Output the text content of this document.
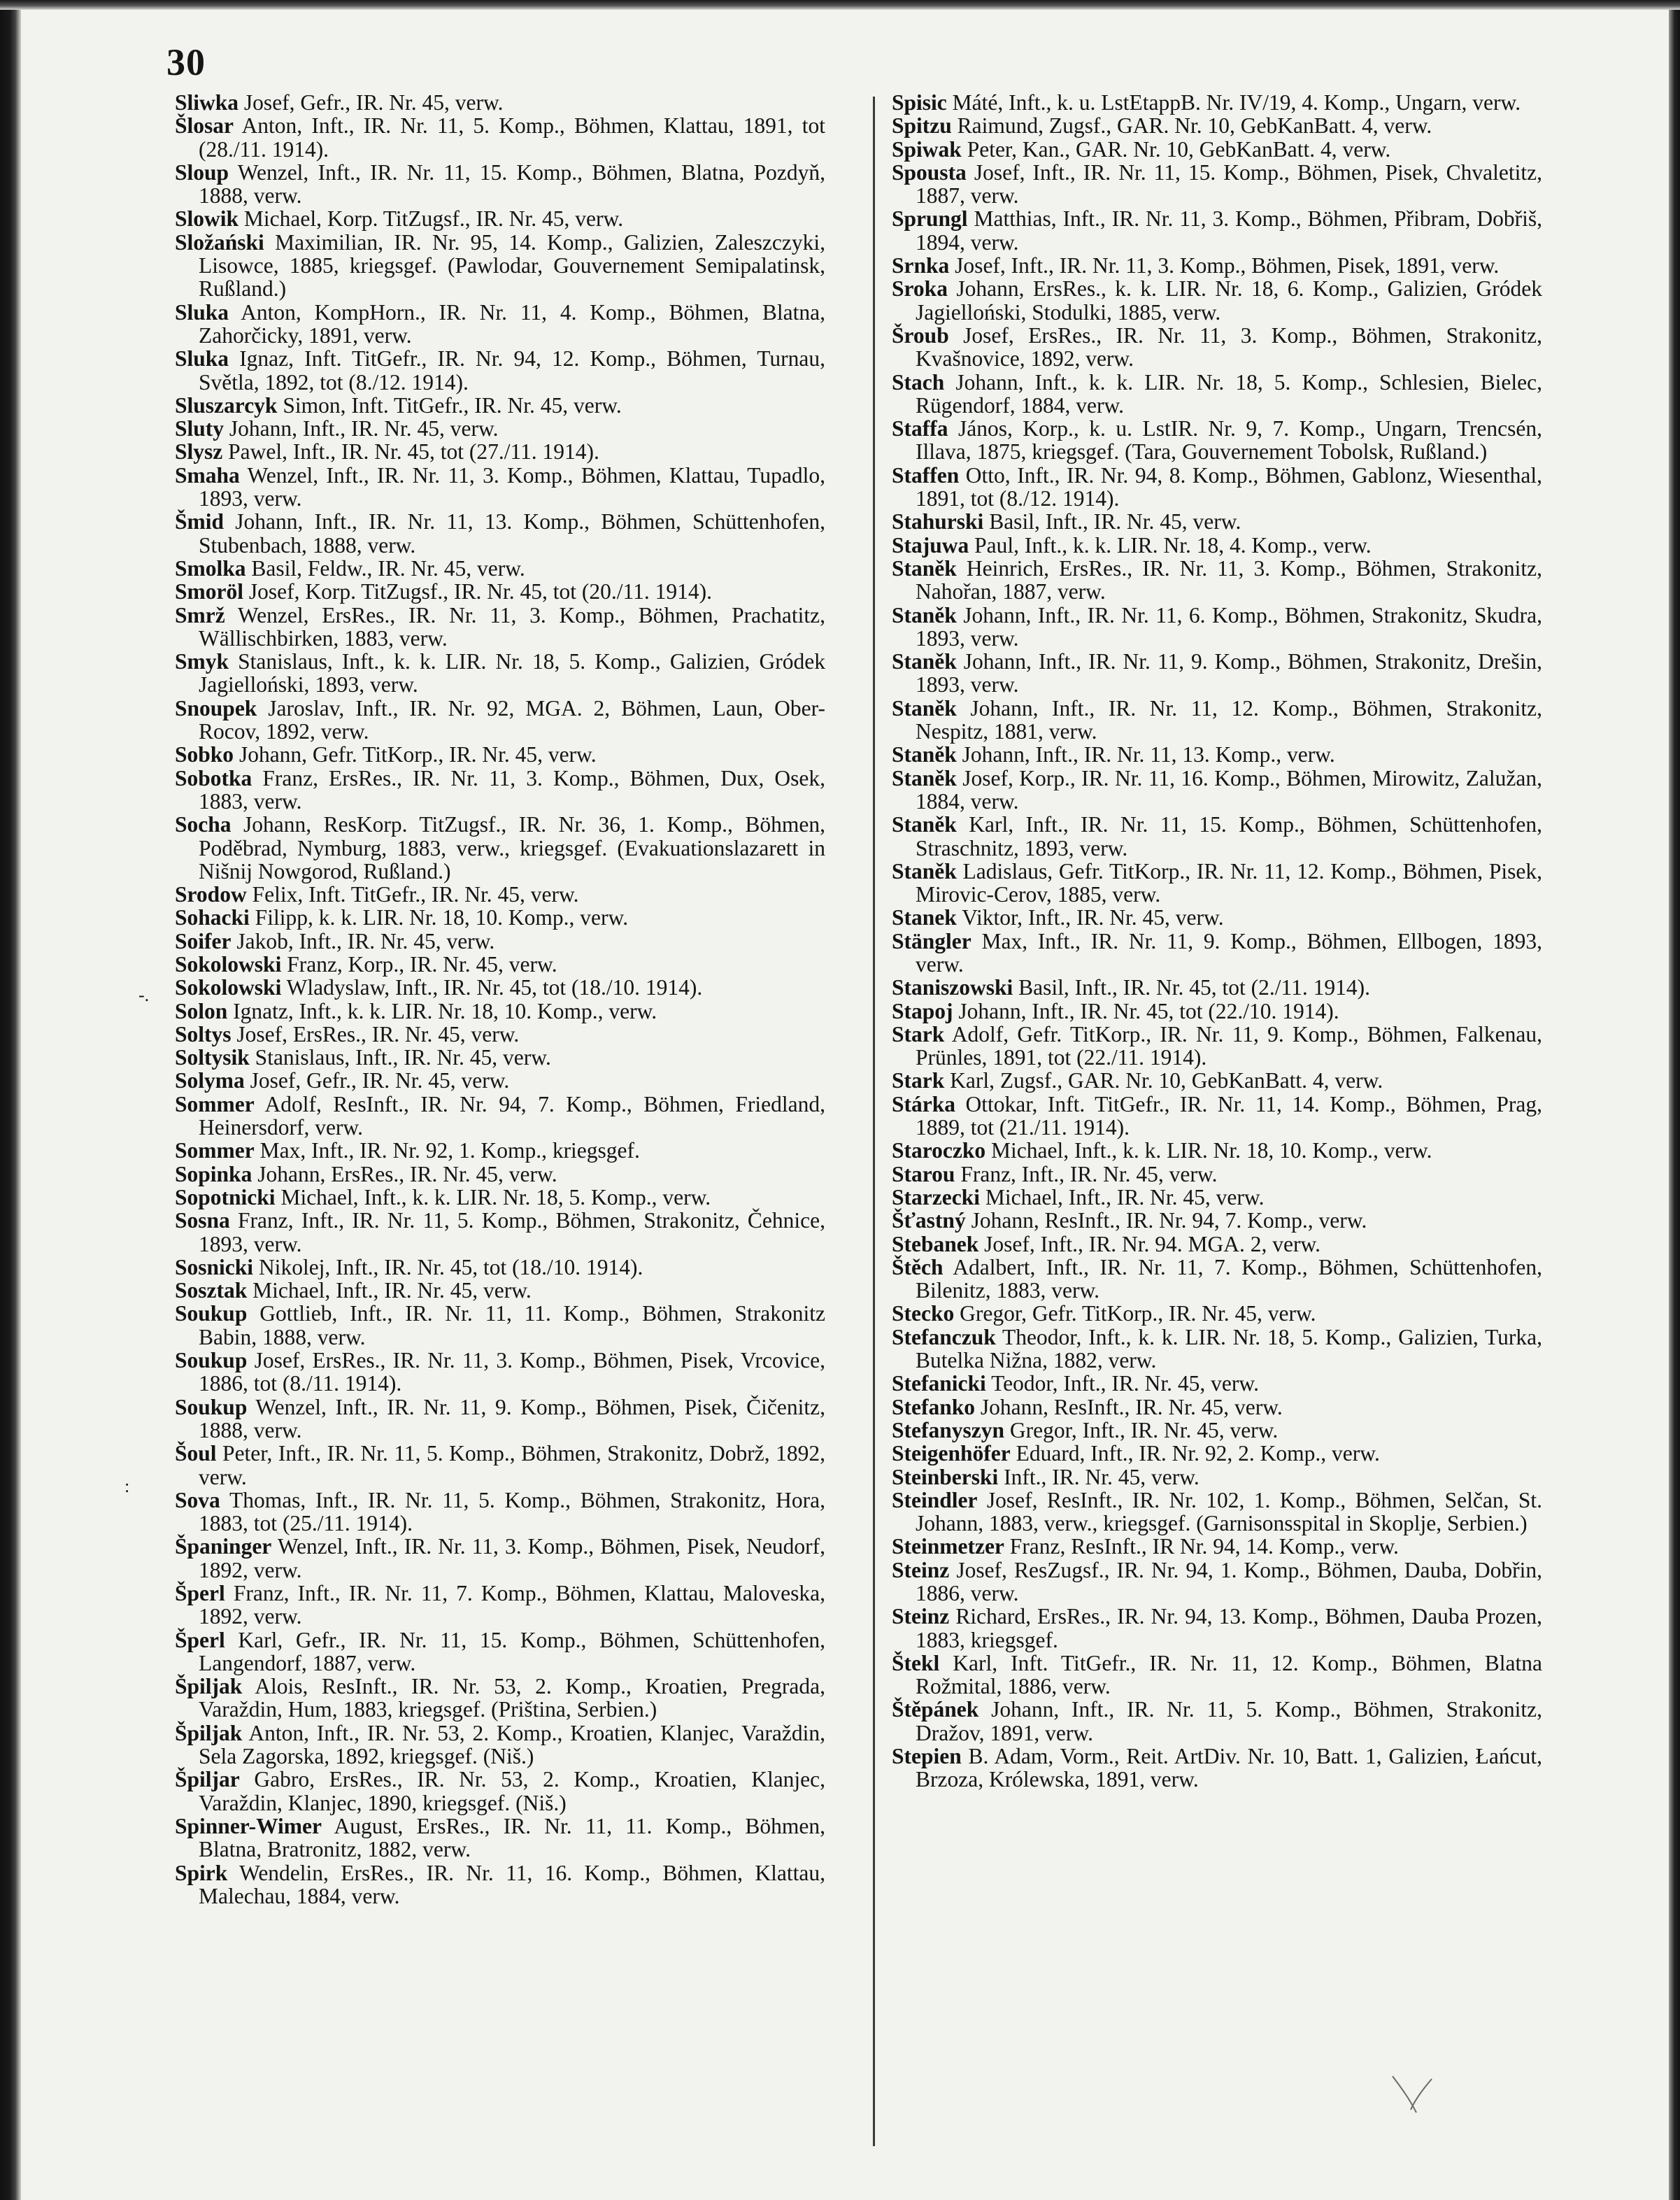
30

Sliwka Josef, Gefr., IR. Nr. 45, verw.

Šlosar Anton, Inft., IR. Nr. 11, 5. Komp., Böhmen, Klattau, 1891, tot (28./11. 1914).

Sloup Wenzel, Inft., IR. Nr. 11, 15. Komp., Böhmen, Blatna, Pozdyň, 1888, verw.

Slowik Michael, Korp. TitZugsf., IR. Nr. 45, verw.

Složański Maximilian, IR. Nr. 95, 14. Komp., Galizien, Zaleszczyki, Lisowce, 1885, kriegsgef. (Pawlodar, Gouvernement Semipalatinsk, Rußland.)

Sluka Anton, KompHorn., IR. Nr. 11, 4. Komp., Böhmen, Blatna, Zahorčicky, 1891, verw.

Sluka Ignaz, Inft. TitGefr., IR. Nr. 94, 12. Komp., Böhmen, Turnau, Světla, 1892, tot (8./12. 1914).

Sluszarcyk Simon, Inft. TitGefr., IR. Nr. 45, verw.

Sluty Johann, Inft., IR. Nr. 45, verw.

Slysz Pawel, Inft., IR. Nr. 45, tot (27./11. 1914).

Smaha Wenzel, Inft., IR. Nr. 11, 3. Komp., Böhmen, Klattau, Tupadlo, 1893, verw.

Šmid Johann, Inft., IR. Nr. 11, 13. Komp., Böhmen, Schüttenhofen, Stubenbach, 1888, verw.

Smolka Basil, Feldw., IR. Nr. 45, verw.

Smoröl Josef, Korp. TitZugsf., IR. Nr. 45, tot (20./11. 1914).

Smrž Wenzel, ErsRes., IR. Nr. 11, 3. Komp., Böhmen, Prachatitz, Wällischbirken, 1883, verw.

Smyk Stanislaus, Inft., k. k. LIR. Nr. 18, 5. Komp., Galizien, Gródek Jagielloński, 1893, verw.

Snoupek Jaroslav, Inft., IR. Nr. 92, MGA. 2, Böhmen, Laun, Ober-Rocov, 1892, verw.

Sobko Johann, Gefr. TitKorp., IR. Nr. 45, verw.

Sobotka Franz, ErsRes., IR. Nr. 11, 3. Komp., Böhmen, Dux, Osek, 1883, verw.

Socha Johann, ResKorp. TitZugsf., IR. Nr. 36, 1. Komp., Böhmen, Poděbrad, Nymburg, 1883, verw., kriegsgef. (Evakuationslazarett in Nišnij Nowgorod, Rußland.)

Srodow Felix, Inft. TitGefr., IR. Nr. 45, verw.

Sohacki Filipp, k. k. LIR. Nr. 18, 10. Komp., verw.

Soifer Jakob, Inft., IR. Nr. 45, verw.

Sokolowski Franz, Korp., IR. Nr. 45, verw.

Sokolowski Wladyslaw, Inft., IR. Nr. 45, tot (18./10. 1914).

Solon Ignatz, Inft., k. k. LIR. Nr. 18, 10. Komp., verw.

Soltys Josef, ErsRes., IR. Nr. 45, verw.

Soltysik Stanislaus, Inft., IR. Nr. 45, verw.

Solyma Josef, Gefr., IR. Nr. 45, verw.

Sommer Adolf, ResInft., IR. Nr. 94, 7. Komp., Böhmen, Friedland, Heinersdorf, verw.

Sommer Max, Inft., IR. Nr. 92, 1. Komp., kriegsgef.

Sopinka Johann, ErsRes., IR. Nr. 45, verw.

Sopotnicki Michael, Inft., k. k. LIR. Nr. 18, 5. Komp., verw.

Sosna Franz, Inft., IR. Nr. 11, 5. Komp., Böhmen, Strakonitz, Čehnice, 1893, verw.

Sosnicki Nikolej, Inft., IR. Nr. 45, tot (18./10. 1914).

Sosztak Michael, Inft., IR. Nr. 45, verw.

Soukup Gottlieb, Inft., IR. Nr. 11, 11. Komp., Böhmen, Strakonitz Babin, 1888, verw.

Soukup Josef, ErsRes., IR. Nr. 11, 3. Komp., Böhmen, Pisek, Vrcovice, 1886, tot (8./11. 1914).

Soukup Wenzel, Inft., IR. Nr. 11, 9. Komp., Böhmen, Pisek, Čičenitz, 1888, verw.

Šoul Peter, Inft., IR. Nr. 11, 5. Komp., Böhmen, Strakonitz, Dobrž, 1892, verw.

Sova Thomas, Inft., IR. Nr. 11, 5. Komp., Böhmen, Strakonitz, Hora, 1883, tot (25./11. 1914).

Španinger Wenzel, Inft., IR. Nr. 11, 3. Komp., Böhmen, Pisek, Neudorf, 1892, verw.

Šperl Franz, Inft., IR. Nr. 11, 7. Komp., Böhmen, Klattau, Maloveska, 1892, verw.

Šperl Karl, Gefr., IR. Nr. 11, 15. Komp., Böhmen, Schüttenhofen, Langendorf, 1887, verw.

Špiljak Alois, ResInft., IR. Nr. 53, 2. Komp., Kroatien, Pregrada, Varaždin, Hum, 1883, kriegsgef. (Priština, Serbien.)

Špiljak Anton, Inft., IR. Nr. 53, 2. Komp., Kroatien, Klanjec, Varaždin, Sela Zagorska, 1892, kriegsgef. (Niš.)

Špiljar Gabro, ErsRes., IR. Nr. 53, 2. Komp., Kroatien, Klanjec, Varaždin, Klanjec, 1890, kriegsgef. (Niš.)

Spinner-Wimer August, ErsRes., IR. Nr. 11, 11. Komp., Böhmen, Blatna, Bratronitz, 1882, verw.

Spirk Wendelin, ErsRes., IR. Nr. 11, 16. Komp., Böhmen, Klattau, Malechau, 1884, verw.

Spisic Máté, Inft., k. u. LstEtappB. Nr. IV/19, 4. Komp., Ungarn, verw.

Spitzu Raimund, Zugsf., GAR. Nr. 10, GebKanBatt. 4, verw.

Spiwak Peter, Kan., GAR. Nr. 10, GebKanBatt. 4, verw.

Spousta Josef, Inft., IR. Nr. 11, 15. Komp., Böhmen, Pisek, Chvaletitz, 1887, verw.

Sprungl Matthias, Inft., IR. Nr. 11, 3. Komp., Böhmen, Přibram, Dobřiš, 1894, verw.

Srnka Josef, Inft., IR. Nr. 11, 3. Komp., Böhmen, Pisek, 1891, verw.

Sroka Johann, ErsRes., k. k. LIR. Nr. 18, 6. Komp., Galizien, Gródek Jagielloński, Stodulki, 1885, verw.

Šroub Josef, ErsRes., IR. Nr. 11, 3. Komp., Böhmen, Strakonitz, Kvašnovice, 1892, verw.

Stach Johann, Inft., k. k. LIR. Nr. 18, 5. Komp., Schlesien, Bielec, Rügendorf, 1884, verw.

Staffa János, Korp., k. u. LstIR. Nr. 9, 7. Komp., Ungarn, Trencsén, Illava, 1875, kriegsgef. (Tara, Gouvernement Tobolsk, Rußland.)

Staffen Otto, Inft., IR. Nr. 94, 8. Komp., Böhmen, Gablonz, Wiesenthal, 1891, tot (8./12. 1914).

Stahurski Basil, Inft., IR. Nr. 45, verw.

Stajuwa Paul, Inft., k. k. LIR. Nr. 18, 4. Komp., verw.

Staněk Heinrich, ErsRes., IR. Nr. 11, 3. Komp., Böhmen, Strakonitz, Nahořan, 1887, verw.

Staněk Johann, Inft., IR. Nr. 11, 6. Komp., Böhmen, Strakonitz, Skudra, 1893, verw.

Staněk Johann, Inft., IR. Nr. 11, 9. Komp., Böhmen, Strakonitz, Drešin, 1893, verw.

Staněk Johann, Inft., IR. Nr. 11, 12. Komp., Böhmen, Strakonitz, Nespitz, 1881, verw.

Staněk Johann, Inft., IR. Nr. 11, 13. Komp., verw.

Staněk Josef, Korp., IR. Nr. 11, 16. Komp., Böhmen, Mirowitz, Zalužan, 1884, verw.

Staněk Karl, Inft., IR. Nr. 11, 15. Komp., Böhmen, Schüttenhofen, Straschnitz, 1893, verw.

Staněk Ladislaus, Gefr. TitKorp., IR. Nr. 11, 12. Komp., Böhmen, Pisek, Mirovic-Cerov, 1885, verw.

Stanek Viktor, Inft., IR. Nr. 45, verw.

Stängler Max, Inft., IR. Nr. 11, 9. Komp., Böhmen, Ellbogen, 1893, verw.

Staniszowski Basil, Inft., IR. Nr. 45, tot (2./11. 1914).

Stapoj Johann, Inft., IR. Nr. 45, tot (22./10. 1914).

Stark Adolf, Gefr. TitKorp., IR. Nr. 11, 9. Komp., Böhmen, Falkenau, Prünles, 1891, tot (22./11. 1914).

Stark Karl, Zugsf., GAR. Nr. 10, GebKanBatt. 4, verw.

Stárka Ottokar, Inft. TitGefr., IR. Nr. 11, 14. Komp., Böhmen, Prag, 1889, tot (21./11. 1914).

Staroczko Michael, Inft., k. k. LIR. Nr. 18, 10. Komp., verw.

Starou Franz, Inft., IR. Nr. 45, verw.

Starzecki Michael, Inft., IR. Nr. 45, verw.

Šťastný Johann, ResInft., IR. Nr. 94, 7. Komp., verw.

Stebanek Josef, Inft., IR. Nr. 94. MGA. 2, verw.

Štěch Adalbert, Inft., IR. Nr. 11, 7. Komp., Böhmen, Schüttenhofen, Bilenitz, 1883, verw.

Stecko Gregor, Gefr. TitKorp., IR. Nr. 45, verw.

Stefanczuk Theodor, Inft., k. k. LIR. Nr. 18, 5. Komp., Galizien, Turka, Butelka Nižna, 1882, verw.

Stefanicki Teodor, Inft., IR. Nr. 45, verw.

Stefanko Johann, ResInft., IR. Nr. 45, verw.

Stefanyszyn Gregor, Inft., IR. Nr. 45, verw.

Steigenhöfer Eduard, Inft., IR. Nr. 92, 2. Komp., verw.

Steinberski Inft., IR. Nr. 45, verw.

Steindler Josef, ResInft., IR. Nr. 102, 1. Komp., Böhmen, Selčan, St. Johann, 1883, verw., kriegsgef. (Garnisonsspital in Skoplje, Serbien.)

Steinmetzer Franz, ResInft., IR Nr. 94, 14. Komp., verw.

Steinz Josef, ResZugsf., IR. Nr. 94, 1. Komp., Böhmen, Dauba, Dobřin, 1886, verw.

Steinz Richard, ErsRes., IR. Nr. 94, 13. Komp., Böhmen, Dauba Prozen, 1883, kriegsgef.

Štekl Karl, Inft. TitGefr., IR. Nr. 11, 12. Komp., Böhmen, Blatna Rožmital, 1886, verw.

Štěpánek Johann, Inft., IR. Nr. 11, 5. Komp., Böhmen, Strakonitz, Dražov, 1891, verw.

Stepien B. Adam, Vorm., Reit. ArtDiv. Nr. 10, Batt. 1, Galizien, Łańcut, Brzoza, Królewska, 1891, verw.

-.
:
